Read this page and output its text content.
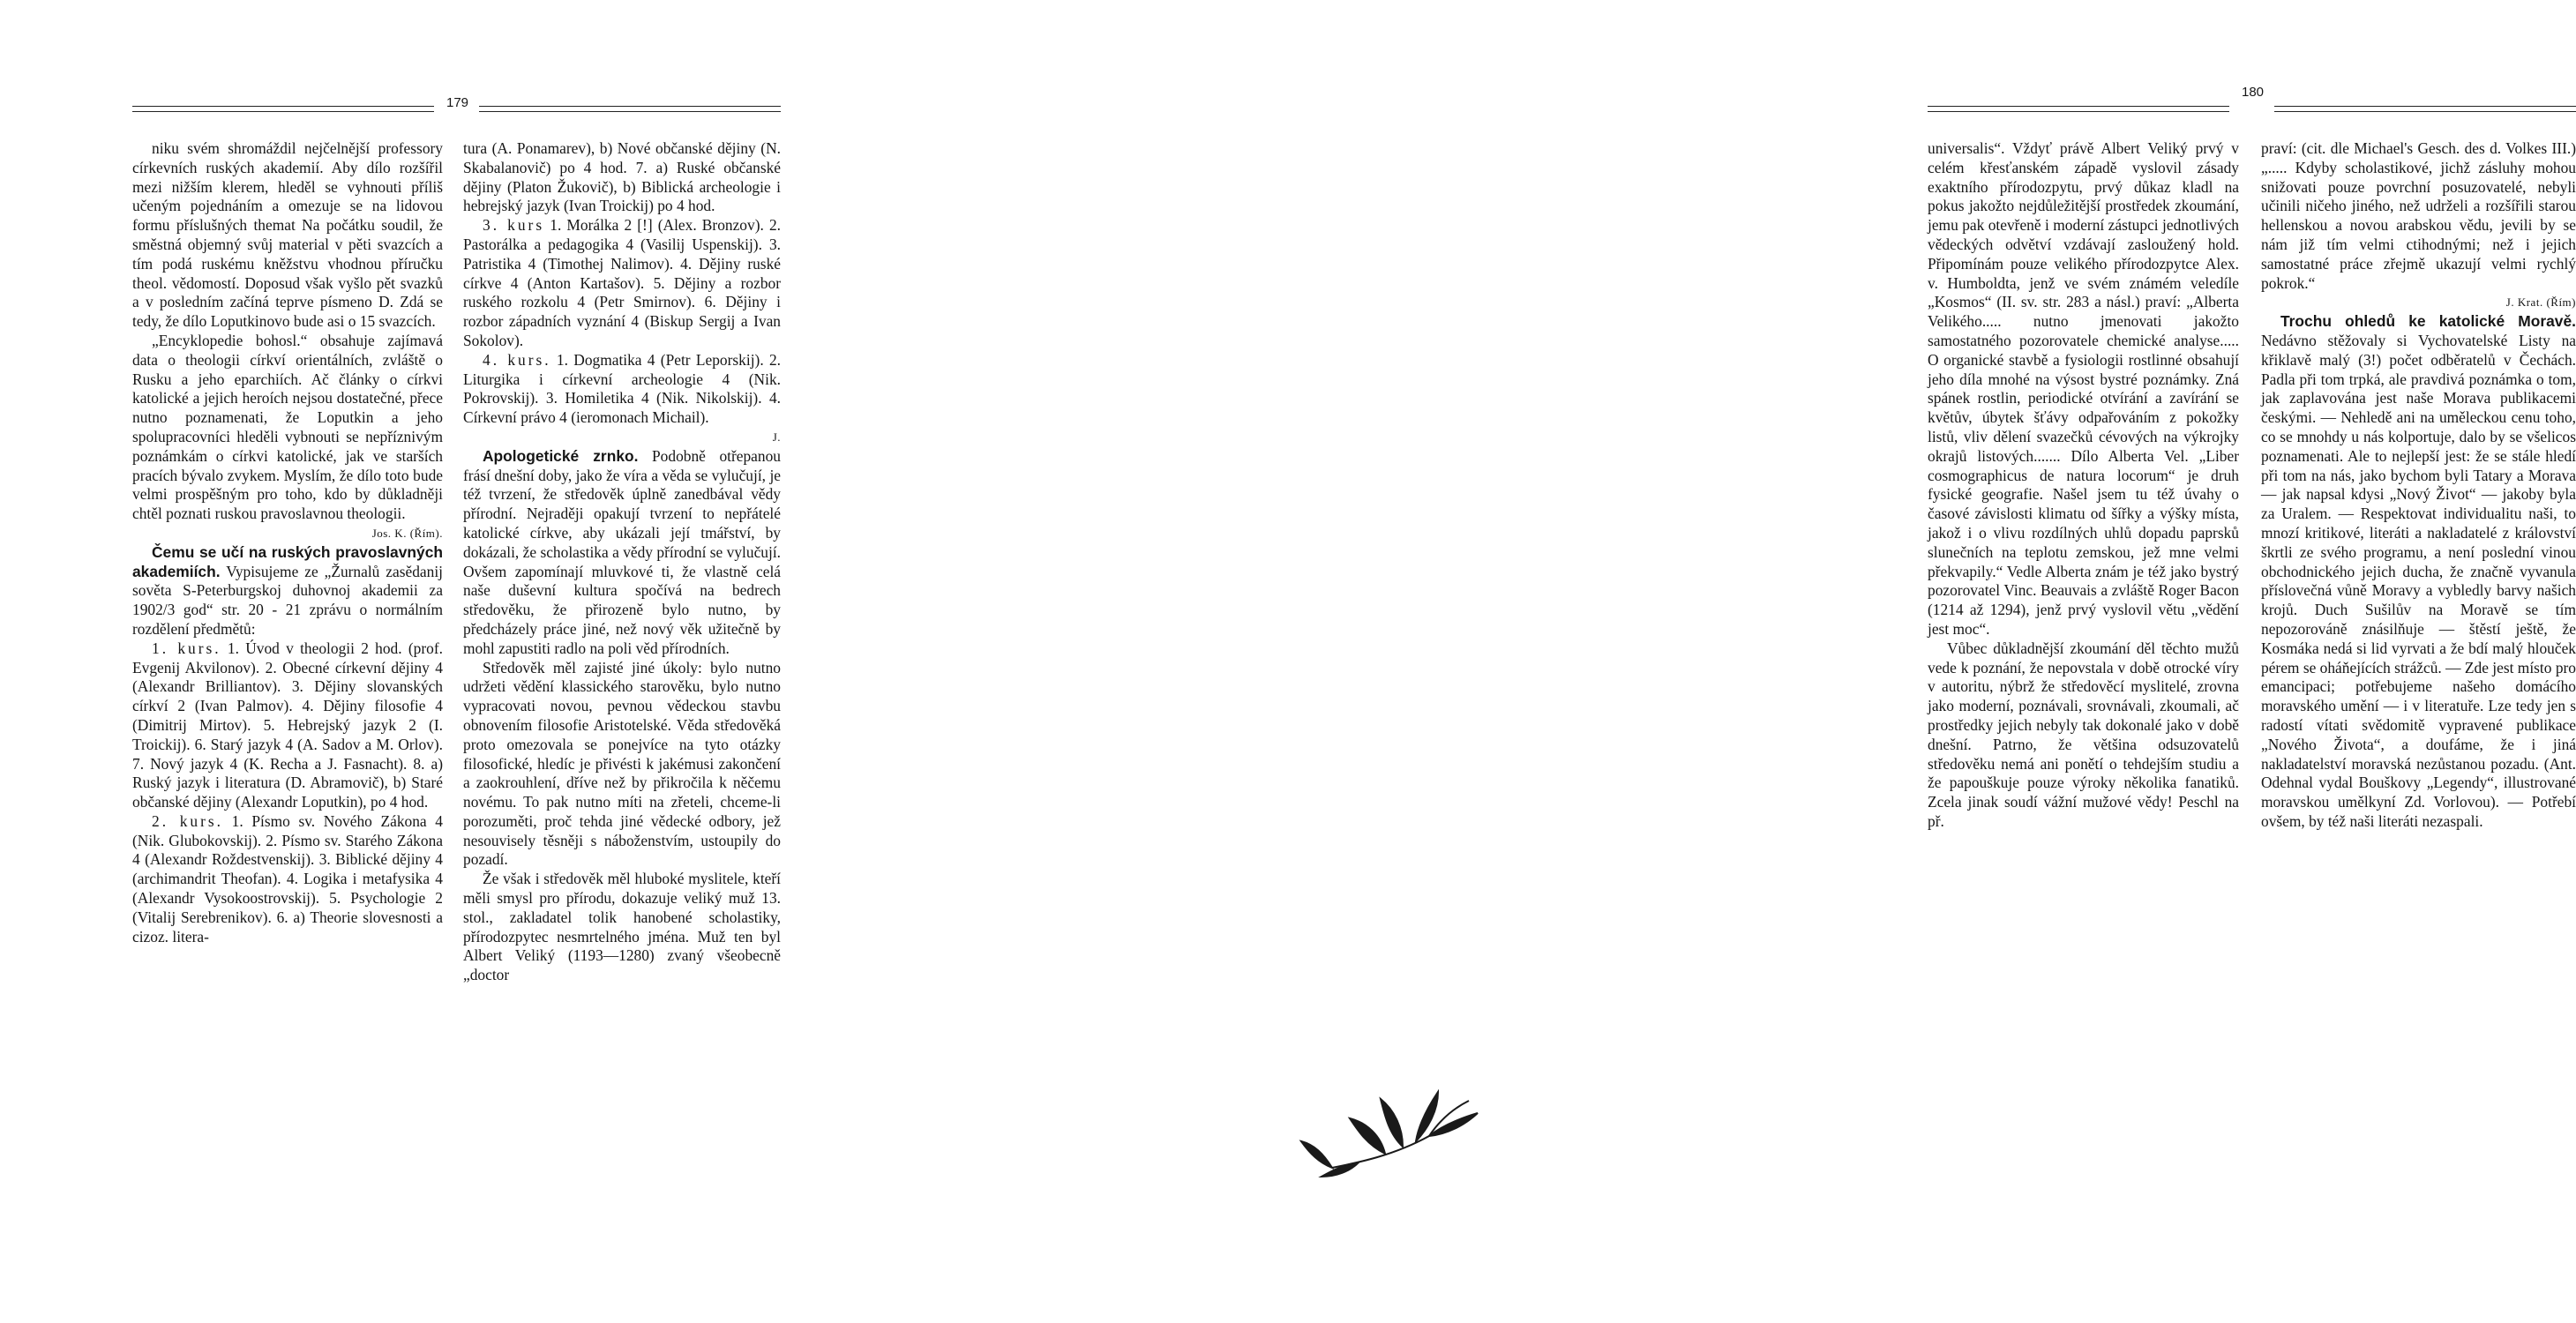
179

niku svém shromáždil nejčelnější professory církevních ruských akademií. Aby dílo rozšířil mezi nižším klerem, hleděl se vyhnouti příliš učeným pojednáním a omezuje se na lidovou formu příslušných themat Na počátku soudil, že směstná objemný svůj material v pěti svazcích a tím podá ruskému kněžstvu vhodnou příručku theol. vědomostí. Doposud však vyšlo pět svazků a v posledním začíná teprve písmeno D. Zdá se tedy, že dílo Loputkinovo bude asi o 15 svazcích.

„Encyklopedie bohosl.“ obsahuje zajímavá data o theologii církví orientálních, zvláště o Rusku a jeho eparchiích. Ač články o církvi katolické a jejich heroích nejsou dostatečné, přece nutno poznamenati, že Loputkin a jeho spolupracovníci hleděli vybnouti se nepříznivým poznámkám o církvi katolické, jak ve starších pracích bývalo zvykem. Myslím, že dílo toto bude velmi prospěšným pro toho, kdo by důkladněji chtěl poznati ruskou pravoslavnou theologii.
Jos. K. (Řím).

Čemu se učí na ruských pravoslavných akademiích. Vypisujeme ze „Žurnalů zasědanij sověta S-Peterburgskoj duhovnoj akademii za 1902/3 god“ str. 20 - 21 zprávu o normálním rozdělení předmětů:

1. kurs. 1. Úvod v theologii 2 hod. (prof. Evgenij Akvilonov). 2. Obecné církevní dějiny 4 (Alexandr Brilliantov). 3. Dějiny slovanských církví 2 (Ivan Palmov). 4. Dějiny filosofie 4 (Dimitrij Mirtov). 5. Hebrejský jazyk 2 (I. Troickij). 6. Starý jazyk 4 (A. Sadov a M. Orlov). 7. Nový jazyk 4 (K. Recha a J. Fasnacht). 8. a) Ruský jazyk i literatura (D. Abramovič), b) Staré občanské dějiny (Alexandr Loputkin), po 4 hod.

2. kurs. 1. Písmo sv. Nového Zákona 4 (Nik. Glubokovskij). 2. Písmo sv. Starého Zákona 4 (Alexandr Roždestvenskij). 3. Biblické dějiny 4 (archimandrit Theofan). 4. Logika i metafysika 4 (Alexandr Vysokoostrovskij). 5. Psychologie 2 (Vitalij Serebrenikov). 6. a) Theorie slovesnosti a cizoz. litera-

tura (A. Ponamarev), b) Nové občanské dějiny (N. Skabalanovič) po 4 hod. 7. a) Ruské občanské dějiny (Platon Žukovič), b) Biblická archeologie i hebrejský jazyk (Ivan Troickij) po 4 hod.

3. kurs 1. Morálka 2 [!] (Alex. Bronzov). 2. Pastorálka a pedagogika 4 (Vasilij Uspenskij). 3. Patristika 4 (Timothej Nalimov). 4. Dějiny ruské církve 4 (Anton Kartašov). 5. Dějiny a rozbor ruského rozkolu 4 (Petr Smirnov). 6. Dějiny i rozbor západních vyznání 4 (Biskup Sergij a Ivan Sokolov).

4. kurs. 1. Dogmatika 4 (Petr Leporskij). 2. Liturgika i církevní archeologie 4 (Nik. Pokrovskij). 3. Homiletika 4 (Nik. Nikolskij). 4. Církevní právo 4 (ieromonach Michail).
J.

Apologetické zrnko. Podobně otřepanou frásí dnešní doby, jako že víra a věda se vylučují, je též tvrzení, že středověk úplně zanedbával vědy přírodní. Nejraději opakují tvrzení to nepřátelé katolické církve, aby ukázali její tmářství, by dokázali, že scholastika a vědy přírodní se vylučují. Ovšem zapomínají mluvkové ti, že vlastně celá naše duševní kultura spočívá na bedrech středověku, že přirozeně bylo nutno, by předcházely práce jiné, než nový věk užitečně by mohl zapustiti radlo na poli věd přírodních.

Středověk měl zajisté jiné úkoly: bylo nutno udržeti vědění klassického starověku, bylo nutno vypracovati novou, pevnou vědeckou stavbu obnovením filosofie Aristotelské. Věda středověká proto omezovala se ponejvíce na tyto otázky filosofické, hledíc je přivésti k jakémusi zakončení a zaokrouhlení, dříve než by přikročila k něčemu novému. To pak nutno míti na zřeteli, chceme-li porozuměti, proč tehda jiné vědecké odbory, jež nesouvisely těsněji s náboženstvím, ustoupily do pozadí.

Že však i středověk měl hluboké myslitele, kteří měli smysl pro přírodu, dokazuje veliký muž 13. stol., zakladatel tolik hanobené scholastiky, přírodozpytec nesmrtelného jména. Muž ten byl Albert Veliký (1193—1280) zvaný všeobecně „doctor

180

universalis“. Vždyť právě Albert Veliký prvý v celém křesťanském západě vyslovil zásady exaktního přírodozpytu, prvý důkaz kladl na pokus jakožto nejdůležitější prostředek zkoumání, jemu pak otevřeně i moderní zástupci jednotlivých vědeckých odvětví vzdávají zasloužený hold. Připomínám pouze velikého přírodozpytce Alex. v. Humboldta, jenž ve svém známém veledíle „Kosmos“ (II. sv. str. 283 a násl.) praví: „Alberta Velikého..... nutno jmenovati jakožto samostatného pozorovatele chemické analyse..... O organické stavbě a fysiologii rostlinné obsahují jeho díla mnohé na výsost bystré poznámky. Zná spánek rostlin, periodické otvírání a zavírání se květův, úbytek šťávy odpařováním z pokožky listů, vliv dělení svazečků cévových na výkrojky okrajů listových....... Dílo Alberta Vel. „Liber cosmographicus de natura locorum“ je druh fysické geografie. Našel jsem tu též úvahy o časové závislosti klimatu od šířky a výšky místa, jakož i o vlivu rozdílných uhlů dopadu paprsků slunečních na teplotu zemskou, jež mne velmi překvapily.“ Vedle Alberta znám je též jako bystrý pozorovatel Vinc. Beauvais a zvláště Roger Bacon (1214 až 1294), jenž prvý vyslovil větu „vědění jest moc“.

Vůbec důkladnější zkoumání děl těchto mužů vede k poznání, že nepovstala v době otrocké víry v autoritu, nýbrž že středověcí myslitelé, zrovna jako moderní, poznávali, srovnávali, zkoumali, ač prostředky jejich nebyly tak dokonalé jako v době dnešní. Patrno, že většina odsuzovatelů středověku nemá ani ponětí o tehdejším studiu a že papouškuje pouze výroky několika fanatiků. Zcela jinak soudí vážní mužové vědy! Peschl na př.

praví: (cit. dle Michael's Gesch. des d. Volkes III.) „..... Kdyby scholastikové, jichž zásluhy mohou snižovati pouze povrchní posuzovatelé, nebyli učinili ničeho jiného, než udrželi a rozšířili starou hellenskou a novou arabskou vědu, jevili by se nám již tím velmi ctihodnými; než i jejich samostatné práce zřejmě ukazují velmi rychlý pokrok.“
J. Krat. (Řím)

Trochu ohledů ke katolické Moravě. Nedávno stěžovaly si Vychovatelské Listy na křiklavě malý (3!) počet odběratelů v Čechách. Padla při tom trpká, ale pravdivá poznámka o tom, jak zaplavována jest naše Morava publikacemi českými. — Nehledě ani na uměleckou cenu toho, co se mnohdy u nás kolportuje, dalo by se všelicos poznamenati. Ale to nejlepší jest: že se stále hledí při tom na nás, jako bychom byli Tatary a Morava — jak napsal kdysi „Nový Život“ — jakoby byla za Uralem. — Respektovat individualitu naši, to mnozí kritikové, literáti a nakladatelé z království škrtli ze svého programu, a není poslední vinou obchodnického jejich ducha, že značně vyvanula příslovečná vůně Moravy a vybledly barvy našich krojů. Duch Sušilův na Moravě se tím nepozorováně znásilňuje — štěstí ještě, že Kosmáka nedá si lid vyrvati a že bdí malý hlouček pérem se oháňejících strážců. — Zde jest místo pro emancipaci; potřebujeme našeho domácího moravského umění — i v literatuře. Lze tedy jen s radostí vítati svědomitě vypravené publikace „Nového Života“, a doufáme, že i jiná nakladatelství moravská nezůstanou pozadu. (Ant. Odehnal vydal Bouškovy „Legendy“, illustrované moravskou umělkyní Zd. Vorlovou). — Potřebí ovšem, by též naši literáti nezaspali.
